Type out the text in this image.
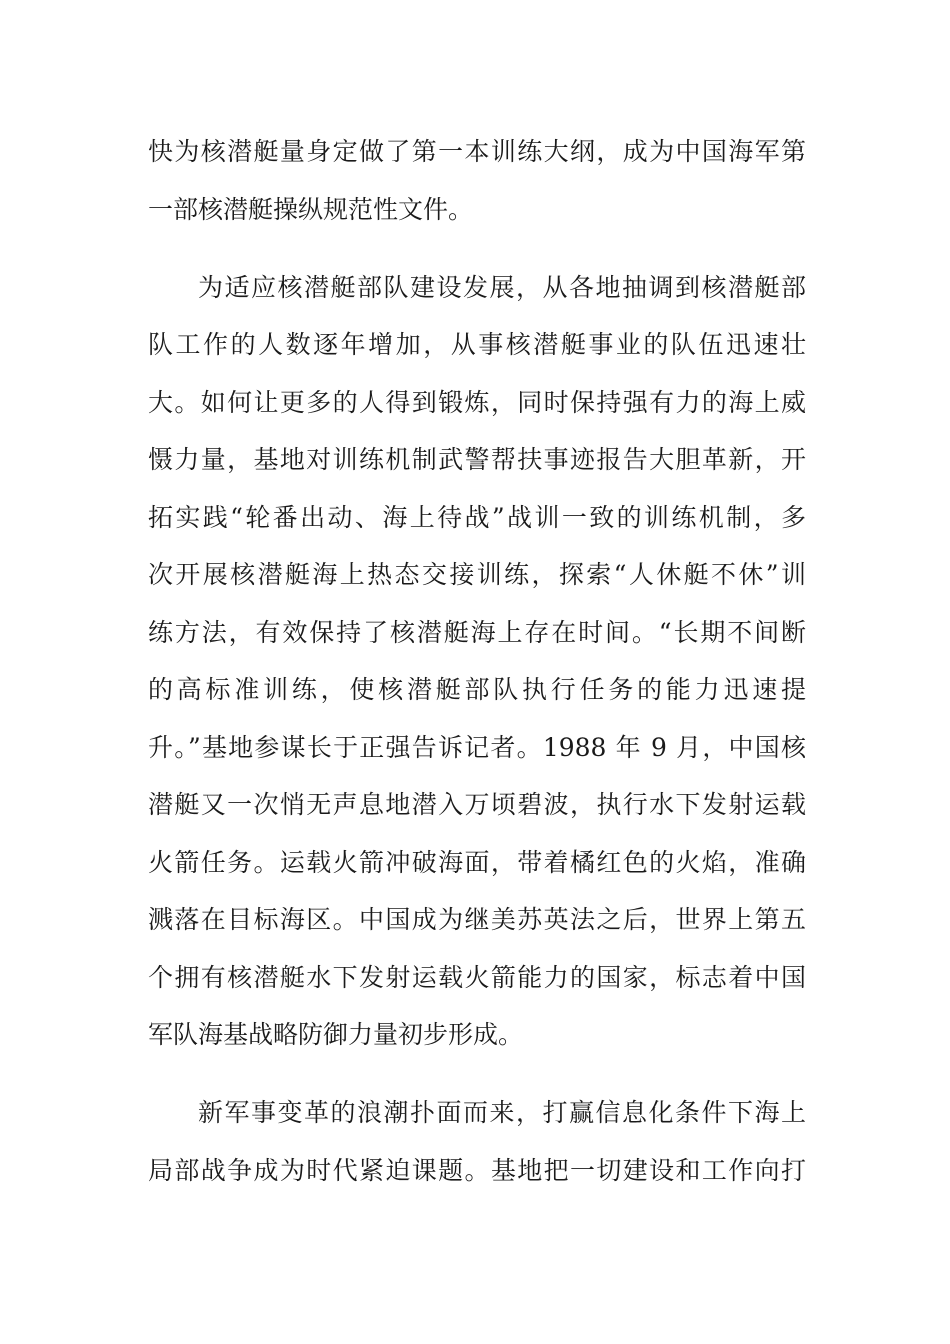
快为核潜艇量身定做了第一本训练大纲，成为中国海军第
一部核潜艇操纵规范性文件。
为适应核潜艇部队建设发展，从各地抽调到核潜艇部
队工作的人数逐年增加，从事核潜艇事业的队伍迅速壮
大。如何让更多的人得到锻炼，同时保持强有力的海上威
慑力量，基地对训练机制武警帮扶事迹报告大胆革新，开
拓实践“轮番出动、海上待战”战训一致的训练机制，多
次开展核潜艇海上热态交接训练，探索“人休艇不休”训
练方法，有效保持了核潜艇海上存在时间。“长期不间断
的高标准训练，使核潜艇部队执行任务的能力迅速提
升。”基地参谋长于正强告诉记者。1988 年 9 月，中国核
潜艇又一次悄无声息地潜入万顷碧波，执行水下发射运载
火箭任务。运载火箭冲破海面，带着橘红色的火焰，准确
溅落在目标海区。中国成为继美苏英法之后，世界上第五
个拥有核潜艇水下发射运载火箭能力的国家，标志着中国
军队海基战略防御力量初步形成。
新军事变革的浪潮扑面而来，打赢信息化条件下海上
局部战争成为时代紧迫课题。基地把一切建设和工作向打
